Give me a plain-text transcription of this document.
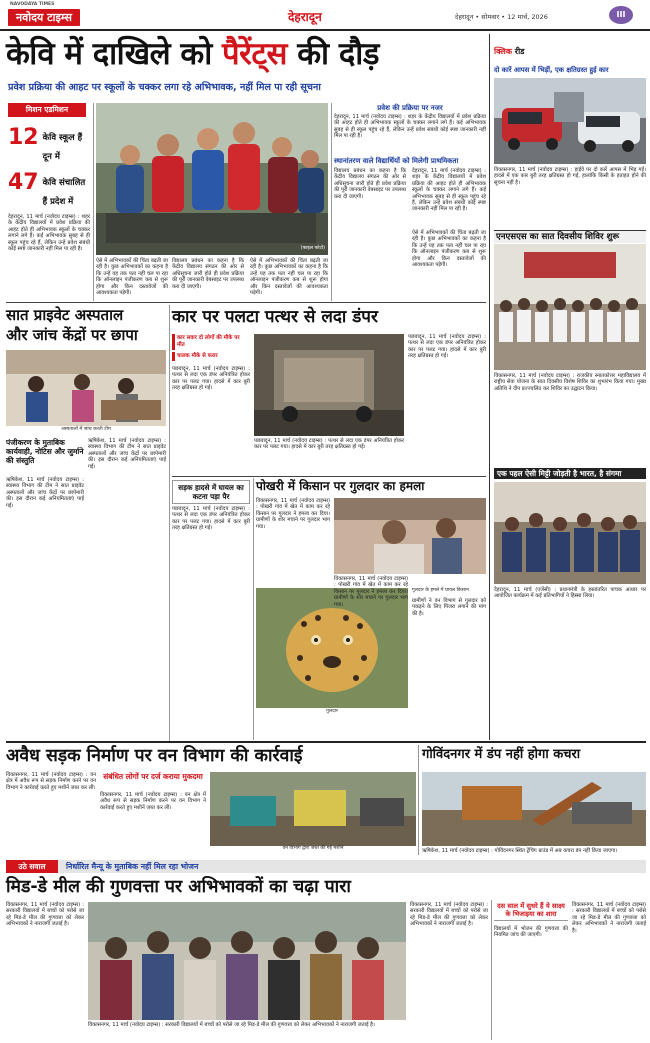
NAVODAYA TIMES
नवोदय टाइम्स	देहरादून	देहरादून • सोमवार • 12 मार्च, 2026	III
केवि में दाखिले को पैरेंट्स की दौड़
प्रवेश प्रक्रिया की आहट पर स्कूलों के चक्कर लगा रहे अभिभावक, नहीं मिल पा रही सूचना
मिशन एडमिशन
12 केवि स्कूल हैं दून में
47 केवि संचालित हैं प्रदेश में
देहरादून, 11 मार्च (नवोदय टाइम्स) : शहर के केंद्रीय विद्यालयों में प्रवेश प्रक्रिया की आहट होते ही अभिभावक स्कूलों के चक्कर लगाने लगे हैं। कई अभिभावक सुबह से ही स्कूल पहुंच रहे हैं, लेकिन उन्हें प्रवेश संबंधी कोई स्पष्ट जानकारी नहीं मिल पा रही है।	(फाइल फोटो)
ऐसे में अभिभावकों की चिंता बढ़ती जा रही है। कुछ अभिभावकों का कहना है कि उन्हें यह तक पता नहीं चल पा रहा कि ऑनलाइन पंजीकरण कब से शुरू होगा और किन दस्तावेजों की आवश्यकता पड़ेगी।
विद्यालय प्रबंधन का कहना है कि केंद्रीय विद्यालय संगठन की ओर से अधिसूचना जारी होते ही प्रवेश प्रक्रिया की पूरी जानकारी वेबसाइट पर उपलब्ध करा दी जाएगी।
ऐसे में अभिभावकों की चिंता बढ़ती जा रही है। कुछ अभिभावकों का कहना है कि उन्हें यह तक पता नहीं चल पा रहा कि ऑनलाइन पंजीकरण कब से शुरू होगा और किन दस्तावेजों की आवश्यकता पड़ेगी।
प्रवेश की प्रक्रिया पर नजर
देहरादून, 11 मार्च (नवोदय टाइम्स) : शहर के केंद्रीय विद्यालयों में प्रवेश प्रक्रिया की आहट होते ही अभिभावक स्कूलों के चक्कर लगाने लगे हैं। कई अभिभावक सुबह से ही स्कूल पहुंच रहे हैं, लेकिन उन्हें प्रवेश संबंधी कोई स्पष्ट जानकारी नहीं मिल पा रही है।
स्थानांतरण वाले विद्यार्थियों को मिलेगी प्राथमिकता
विद्यालय प्रबंधन का कहना है कि केंद्रीय विद्यालय संगठन की ओर से अधिसूचना जारी होते ही प्रवेश प्रक्रिया की पूरी जानकारी वेबसाइट पर उपलब्ध करा दी जाएगी।
ऐसे में अभिभावकों की चिंता बढ़ती जा रही है। कुछ अभिभावकों का कहना है कि उन्हें यह तक पता नहीं चल पा रहा कि ऑनलाइन पंजीकरण कब से शुरू होगा और किन दस्तावेजों की आवश्यकता पड़ेगी।
देहरादून, 11 मार्च (नवोदय टाइम्स) : शहर के केंद्रीय विद्यालयों में प्रवेश प्रक्रिया की आहट होते ही अभिभावक स्कूलों के चक्कर लगाने लगे हैं। कई अभिभावक सुबह से ही स्कूल पहुंच रहे हैं, लेकिन उन्हें प्रवेश संबंधी कोई स्पष्ट जानकारी नहीं मिल पा रही है।
क्लिक रीड
दो कारें आपस में भिड़ीं, एक क्षतिग्रस्त हुई कार
विकासनगर, 11 मार्च (नवोदय टाइम्स) : हाईवे पर दो कारें आपस में भिड़ गईं। हादसे में एक कार बुरी तरह क्षतिग्रस्त हो गई, हालांकि किसी के हताहत होने की सूचना नहीं है।
एनएसएस का सात दिवसीय शिविर शुरू
विकासनगर, 11 मार्च (नवोदय टाइम्स) : राजकीय स्नातकोत्तर महाविद्यालय में राष्ट्रीय सेवा योजना के सात दिवसीय विशेष शिविर का शुभारंभ किया गया। मुख्य अतिथि ने दीप प्रज्ज्वलित कर शिविर का उद्घाटन किया।
एक पहल ऐसी मिट्टी जोड़ती है भारत, है संगमा
देहरादून, 11 मार्च (एजेंसी) : प्रधानमंत्री के हस्तांतरित पाचक आधार पर आयोजित कार्यक्रम में कई प्रतिभागियों ने हिस्सा लिया।
सात प्राइवेट अस्पताल
और जांच केंद्रों पर छापा
अस्पतालों में जांच करती टीम
पंजीकरण के मुताबिक कार्यवाही, नोटिस और जुर्माने की संस्तुति
ऋषिकेश, 11 मार्च (नवोदय टाइम्स) : स्वास्थ्य विभाग की टीम ने सात प्राइवेट अस्पतालों और जांच केंद्रों पर छापेमारी की। इस दौरान कई अनियमितताएं पाई गईं।
ऋषिकेश, 11 मार्च (नवोदय टाइम्स) : स्वास्थ्य विभाग की टीम ने सात प्राइवेट अस्पतालों और जांच केंद्रों पर छापेमारी की। इस दौरान कई अनियमितताएं पाई गईं।
कार पर पलटा पत्थर से लदा डंपर
कार सवार दो लोगों की मौके पर मौत
चालक मौके से फरार
पछवादून, 11 मार्च (नवोदय टाइम्स) : पत्थर से लदा एक डंपर अनियंत्रित होकर कार पर पलट गया। हादसे में कार बुरी तरह क्षतिग्रस्त हो गई।
पछवादून, 11 मार्च (नवोदय टाइम्स) : पत्थर से लदा एक डंपर अनियंत्रित होकर कार पर पलट गया। हादसे में कार बुरी तरह क्षतिग्रस्त हो गई।
पछवादून, 11 मार्च (नवोदय टाइम्स) : पत्थर से लदा एक डंपर अनियंत्रित होकर कार पर पलट गया। हादसे में कार बुरी तरह क्षतिग्रस्त हो गई।
सड़क हादसे में घायल का कटना पड़ा पैर
पछवादून, 11 मार्च (नवोदय टाइम्स) : पत्थर से लदा एक डंपर अनियंत्रित होकर कार पर पलट गया। हादसे में कार बुरी तरह क्षतिग्रस्त हो गई।
पोखरी में किसान पर गुलदार का हमला
विकासनगर, 11 मार्च (नवोदय टाइम्स) : पोखरी गांव में खेत में काम कर रहे किसान पर गुलदार ने हमला कर दिया। ग्रामीणों के शोर मचाने पर गुलदार भाग गया।
गुलदार
गुलदार के हमले में घायल किसान
ग्रामीणों ने वन विभाग से गुलदार को पकड़ने के लिए पिंजरा लगाने की मांग की है।
विकासनगर, 11 मार्च (नवोदय टाइम्स) : पोखरी गांव में खेत में काम कर रहे किसान पर गुलदार ने हमला कर दिया। ग्रामीणों के शोर मचाने पर गुलदार भाग गया।
अवैध सड़क निर्माण पर वन विभाग की कार्रवाई
विकासनगर, 11 मार्च (नवोदय टाइम्स) : वन क्षेत्र में अवैध रूप से सड़क निर्माण करने पर वन विभाग ने कार्रवाई करते हुए मशीनें जब्त कर लीं।
संबंधित लोगों पर दर्ज कराया मुकदमा
विकासनगर, 11 मार्च (नवोदय टाइम्स) : वन क्षेत्र में अवैध रूप से सड़क निर्माण करने पर वन विभाग ने कार्रवाई करते हुए मशीनें जब्त कर लीं।
वन विभाग द्वारा जब्त की गई मशीनें
गोविंदनगर में डंप नहीं होगा कचरा
ऋषिकेश, 11 मार्च (नवोदय टाइम्स) : गोविंदनगर स्थित ट्रेंचिंग ग्राउंड में अब कचरा डंप नहीं किया जाएगा।
उठे सवाल	निर्धारित मैन्यू के मुताबिक नहीं मिल रहा भोजन
मिड-डे मील की गुणवत्ता पर अभिभावकों का चढ़ा पारा
विकासनगर, 11 मार्च (नवोदय टाइम्स) : सरकारी विद्यालयों में बच्चों को परोसे जा रहे मिड-डे मील की गुणवत्ता को लेकर अभिभावकों ने नाराजगी जताई है।
विकासनगर, 11 मार्च (नवोदय टाइम्स) : सरकारी विद्यालयों में बच्चों को परोसे जा रहे मिड-डे मील की गुणवत्ता को लेकर अभिभावकों ने नाराजगी जताई है।
विकासनगर, 11 मार्च (नवोदय टाइम्स) : सरकारी विद्यालयों में बच्चों को परोसे जा रहे मिड-डे मील की गुणवत्ता को लेकर अभिभावकों ने नाराजगी जताई है।
दस साल में सुधरे हैं ये साक्ष्य के भिजाइया का शारा
विद्यालयों में भोजन की गुणवत्ता की नियमित जांच की जाएगी।
विकासनगर, 11 मार्च (नवोदय टाइम्स) : सरकारी विद्यालयों में बच्चों को परोसे जा रहे मिड-डे मील की गुणवत्ता को लेकर अभिभावकों ने नाराजगी जताई है।
